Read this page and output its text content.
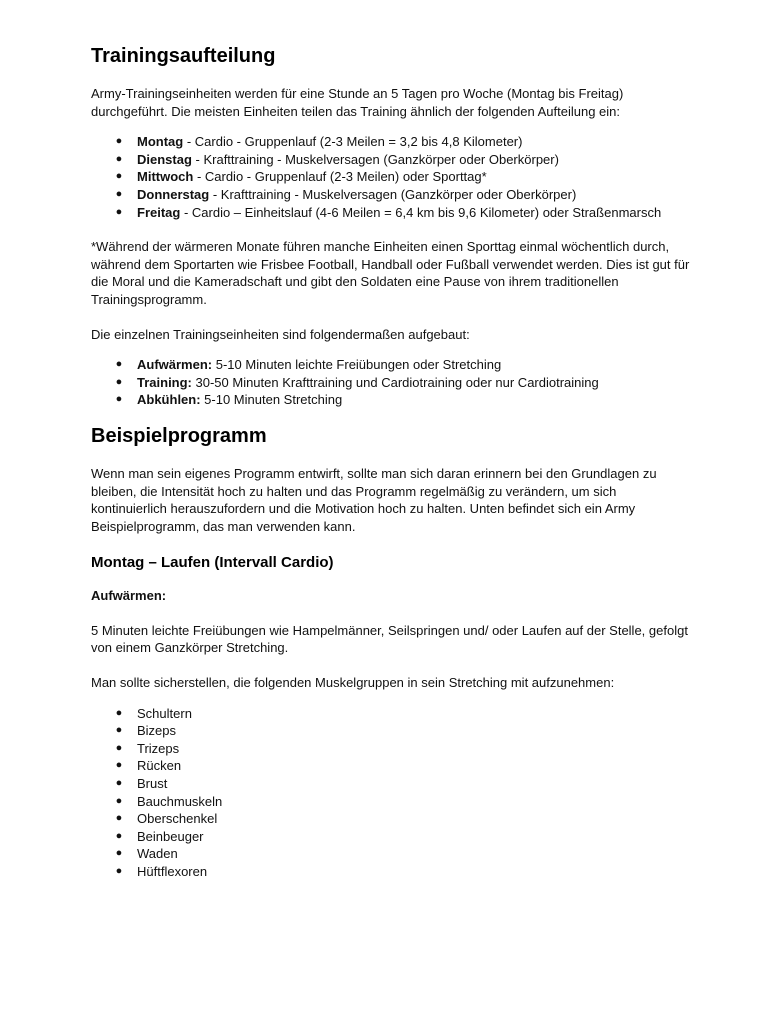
Trainingsaufteilung

Army-Trainingseinheiten werden für eine Stunde an 5 Tagen pro Woche (Montag bis Freitag) durchgeführt. Die meisten Einheiten teilen das Training ähnlich der folgenden Aufteilung ein:

● Montag - Cardio - Gruppenlauf (2-3 Meilen = 3,2 bis 4,8 Kilometer)
● Dienstag - Krafttraining - Muskelversagen (Ganzkörper oder Oberkörper)
● Mittwoch - Cardio - Gruppenlauf (2-3 Meilen) oder Sporttag*
● Donnerstag - Krafttraining - Muskelversagen (Ganzkörper oder Oberkörper)
● Freitag - Cardio – Einheitslauf (4-6 Meilen = 6,4 km bis 9,6 Kilometer) oder Straßenmarsch

*Während der wärmeren Monate führen manche Einheiten einen Sporttag einmal wöchentlich durch, während dem Sportarten wie Frisbee Football, Handball oder Fußball verwendet werden. Dies ist gut für die Moral und die Kameradschaft und gibt den Soldaten eine Pause von ihrem traditionellen Trainingsprogramm.

Die einzelnen Trainingseinheiten sind folgendermaßen aufgebaut:

● Aufwärmen: 5-10 Minuten leichte Freiübungen oder Stretching
● Training: 30-50 Minuten Krafttraining und Cardiotraining oder nur Cardiotraining
● Abkühlen: 5-10 Minuten Stretching
Beispielprogramm

Wenn man sein eigenes Programm entwirft, sollte man sich daran erinnern bei den Grundlagen zu bleiben, die Intensität hoch zu halten und das Programm regelmäßig zu verändern, um sich kontinuierlich herauszufordern und die Motivation hoch zu halten. Unten befindet sich ein Army Beispielprogramm, das man verwenden kann.

Montag – Laufen (Intervall Cardio)

Aufwärmen:

5 Minuten leichte Freiübungen wie Hampelmänner, Seilspringen und/ oder Laufen auf der Stelle, gefolgt von einem Ganzkörper Stretching.

Man sollte sicherstellen, die folgenden Muskelgruppen in sein Stretching mit aufzunehmen:

● Schultern
● Bizeps
● Trizeps
● Rücken
● Brust
● Bauchmuskeln
● Oberschenkel
● Beinbeuger
● Waden
● Hüftflexoren
